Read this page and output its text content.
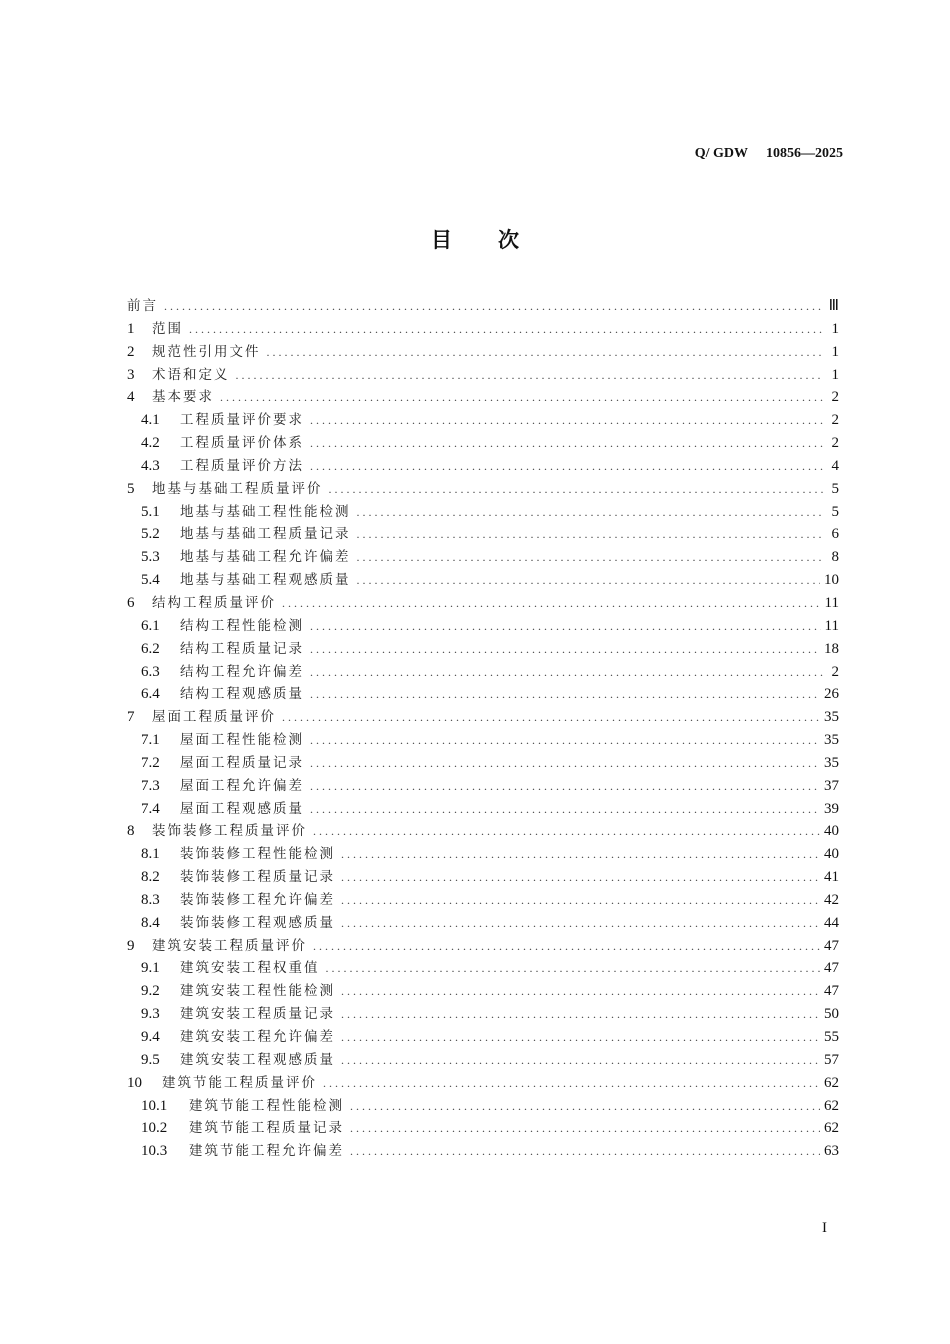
Q/ GDW 10856—2025
目 次
前言 . . .	Ⅲ
1	范围 . . .	1
2	规范性引用文件 . . .	1
3	术语和定义 . . .	1
4	基本要求 . . .	2
4.1	工程质量评价要求 . . .	2
4.2	工程质量评价体系 . . .	2
4.3	工程质量评价方法 . . .	4
5	地基与基础工程质量评价 . . .	5
5.1	地基与基础工程性能检测 . . .	5
5.2	地基与基础工程质量记录 . . .	6
5.3	地基与基础工程允许偏差 . . .	8
5.4	地基与基础工程观感质量 . . .	10
6	结构工程质量评价 . . .	11
6.1	结构工程性能检测 . . .	11
6.2	结构工程质量记录 . . .	18
6.3	结构工程允许偏差 . . .	2
6.4	结构工程观感质量 . . .	26
7	屋面工程质量评价 . . .	35
7.1	屋面工程性能检测 . . .	35
7.2	屋面工程质量记录 . . .	35
7.3	屋面工程允许偏差 . . .	37
7.4	屋面工程观感质量 . . .	39
8	装饰装修工程质量评价 . . .	40
8.1	装饰装修工程性能检测 . . .	40
8.2	装饰装修工程质量记录 . . .	41
8.3	装饰装修工程允许偏差 . . .	42
8.4	装饰装修工程观感质量 . . .	44
9	建筑安装工程质量评价 . . .	47
9.1	建筑安装工程权重值 . . .	47
9.2	建筑安装工程性能检测 . . .	47
9.3	建筑安装工程质量记录 . . .	50
9.4	建筑安装工程允许偏差 . . .	55
9.5	建筑安装工程观感质量 . . .	57
10	建筑节能工程质量评价 . . .	62
10.1	建筑节能工程性能检测 . . .	62
10.2	建筑节能工程质量记录 . . .	62
10.3	建筑节能工程允许偏差 . . .	63
I
